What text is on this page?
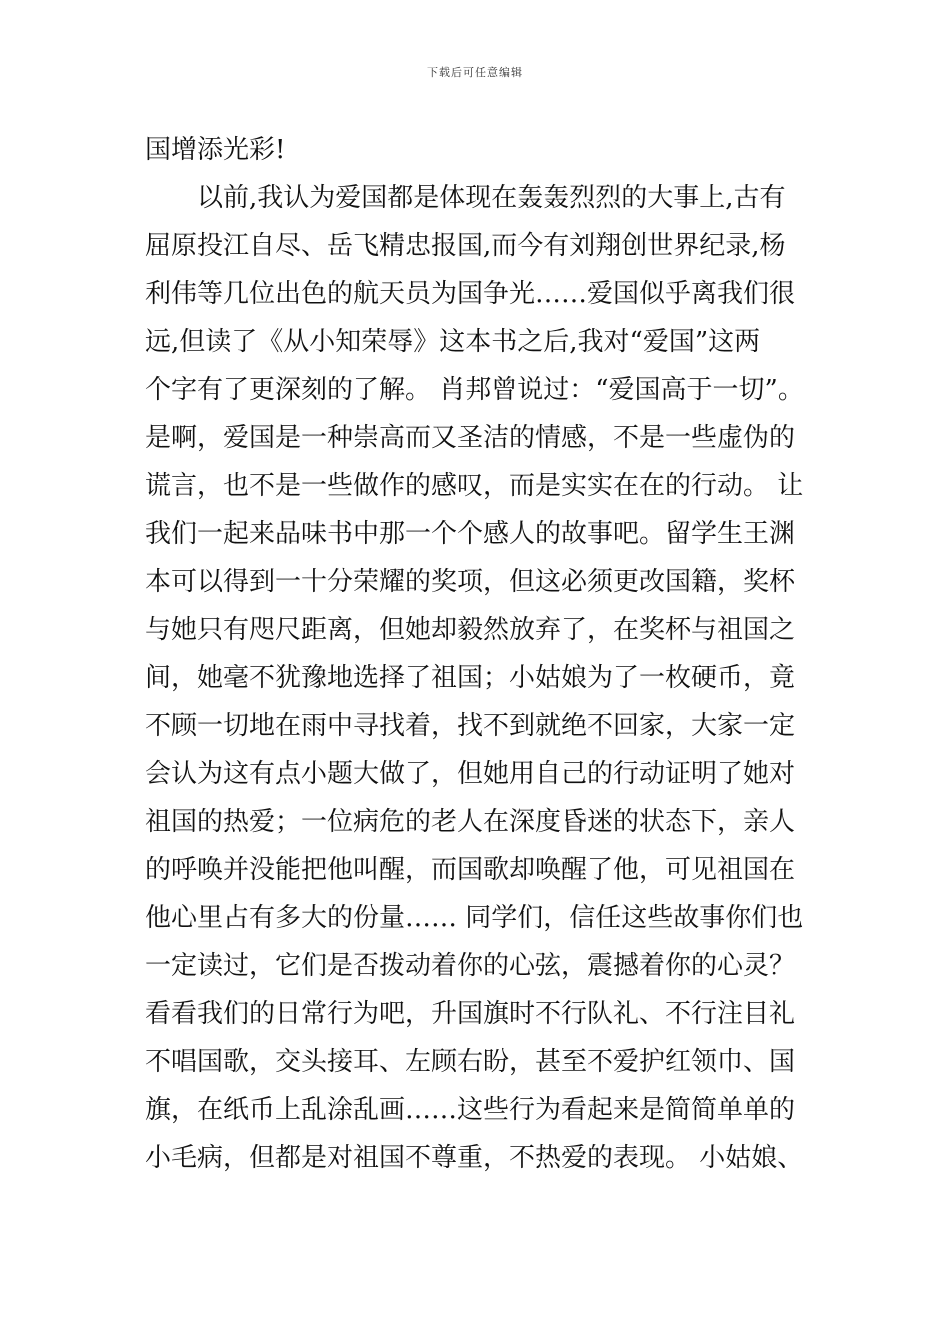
下载后可任意编辑
国增添光彩!
　　以前,我认为爱国都是体现在轰轰烈烈的大事上,古有
屈原投江自尽、岳飞精忠报国,而今有刘翔创世界纪录,杨
利伟等几位出色的航天员为国争光……爱国似乎离我们很
远,但读了《从小知荣辱》这本书之后,我对“爱国”这两
个字有了更深刻的了解。 肖邦曾说过：“爱国高于一切”。
是啊，爱国是一种崇高而又圣洁的情感，不是一些虚伪的
谎言，也不是一些做作的感叹，而是实实在在的行动。 让
我们一起来品味书中那一个个感人的故事吧。留学生王渊
本可以得到一十分荣耀的奖项，但这必须更改国籍，奖杯
与她只有咫尺距离，但她却毅然放弃了，在奖杯与祖国之
间，她毫不犹豫地选择了祖国；小姑娘为了一枚硬币，竟
不顾一切地在雨中寻找着，找不到就绝不回家，大家一定
会认为这有点小题大做了，但她用自己的行动证明了她对
祖国的热爱；一位病危的老人在深度昏迷的状态下，亲人
的呼唤并没能把他叫醒，而国歌却唤醒了他，可见祖国在
他心里占有多大的份量…… 同学们，信任这些故事你们也
一定读过，它们是否拨动着你的心弦，震撼着你的心灵？
看看我们的日常行为吧，升国旗时不行队礼、不行注目礼
不唱国歌，交头接耳、左顾右盼，甚至不爱护红领巾、国
旗，在纸币上乱涂乱画……这些行为看起来是简简单单的
小毛病，但都是对祖国不尊重，不热爱的表现。 小姑娘、
